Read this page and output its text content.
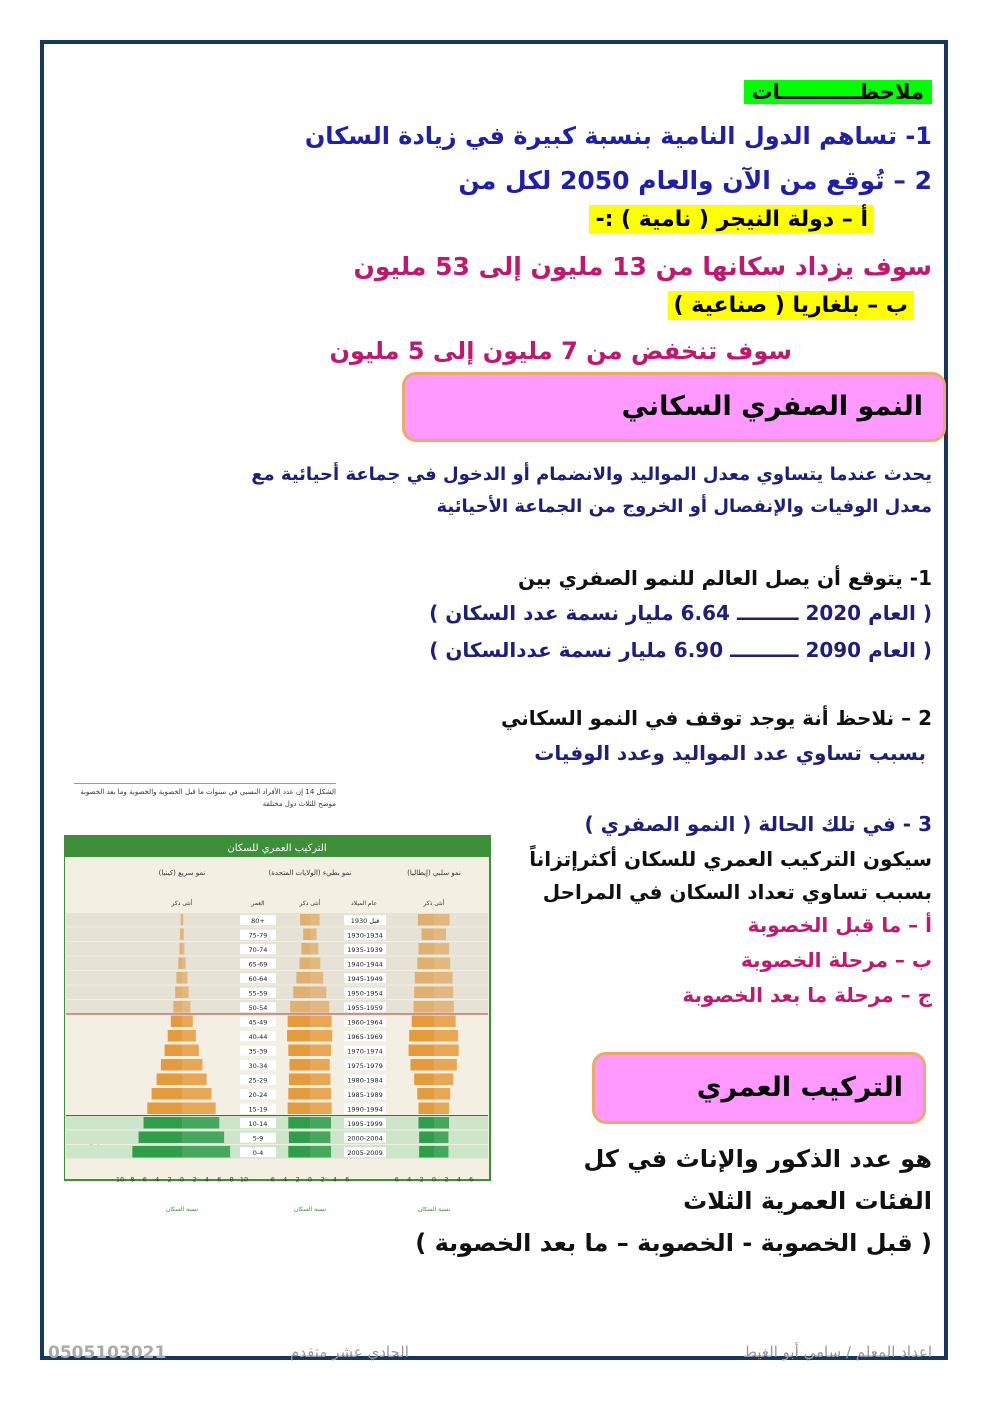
ملاحظـــــــــــات
1- تساهم الدول النامية بنسبة كبيرة في زيادة السكان
2 – تُوقع من الآن والعام 2050 لكل من
أ – دولة النيجر ( نامية ) :-
سوف يزداد سكانها من 13 مليون إلى 53 مليون
ب – بلغاريا ( صناعية )
سوف تنخفض من 7 مليون إلى 5 مليون
النمو الصفري السكاني
يحدث عندما يتساوي معدل المواليد والانضمام أو الدخول في جماعة أحيائية مع
معدل الوفيات والإنفصال أو الخروج من الجماعة الأحيائية
1- يتوقع أن يصل العالم للنمو الصفري بين
( العام 2020 ـــــــــ 6.64 مليار نسمة عدد السكان )
( العام 2090 ــــــــــ 6.90 مليار نسمة عددالسكان )
2 – نلاحظ أنة يوجد توقف في النمو السكاني
بسبب تساوي عدد المواليد وعدد الوفيات
3 - في تلك الحالة ( النمو الصفري )
سيكون التركيب العمري للسكان أكثرإتزاناً
بسبب تساوي تعداد السكان في المراحل
أ – ما قبل الخصوبة
ب – مرحلة الخصوبة
ج – مرحلة ما بعد الخصوبة
التركيب العمري
هو عدد الذكور والإناث في كل
الفئات العمرية الثلاث
( قبل الخصوبة - الخصوبة – ما بعد الخصوبة )
الشكل 14 إن عدد الأفراد النسبي في سنوات ما قبل الخصوبة والخصوبة وما بعد الخصوبة
موضح للثلاث دول مختلفة
التركيب العمري للسكان
نمو سريع (كينيا)	نمو بطيء (الولايات المتحدة)	نمو سلبي (إيطاليا)
العمر	عام الميلاد
أنثى ذكر	أنثى ذكر	أنثى ذكر
0-4	2005-2009
5-9	2000-2004
10-14	1995-1999
15-19	1990-1994
20-24	1985-1989
25-29	1980-1984
30-34	1975-1979
35-39	1970-1974
40-44	1965-1969
45-49	1960-1964
50-54	1955-1959
55-59	1950-1954
60-64	1945-1949
65-69	1940-1944
70-74	1935-1939
75-79	1930-1934
80+	قبل 1930
10 8 6 4 2 0 2 4 6 8 10	6 4 2 0 2 4 6	6 4 2 0 2 4 6
نسبة السكان	نسبة السكان	نسبة السكان
0505103021	الحادي عشر متقدم	اعداد المعلم / سامي أبو الغيط
